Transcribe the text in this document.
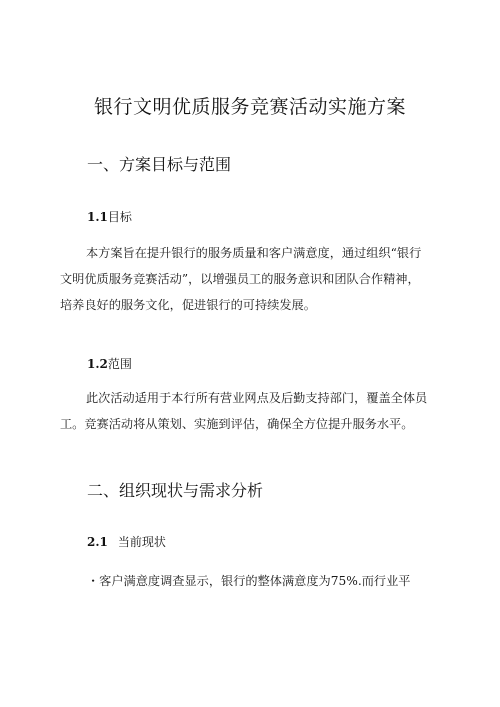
银行文明优质服务竞赛活动实施方案
一、方案目标与范围
1.1目标
本方案旨在提升银行的服务质量和客户满意度，通过组织“银行
文明优质服务竞赛活动”，以增强员工的服务意识和团队合作精神，
培养良好的服务文化，促进银行的可持续发展。
1.2范围
此次活动适用于本行所有营业网点及后勤支持部门，覆盖全体员
工。竞赛活动将从策划、实施到评估，确保全方位提升服务水平。
二、组织现状与需求分析
2.1 当前现状
・客户满意度调查显示，银行的整体满意度为75%.而行业平
